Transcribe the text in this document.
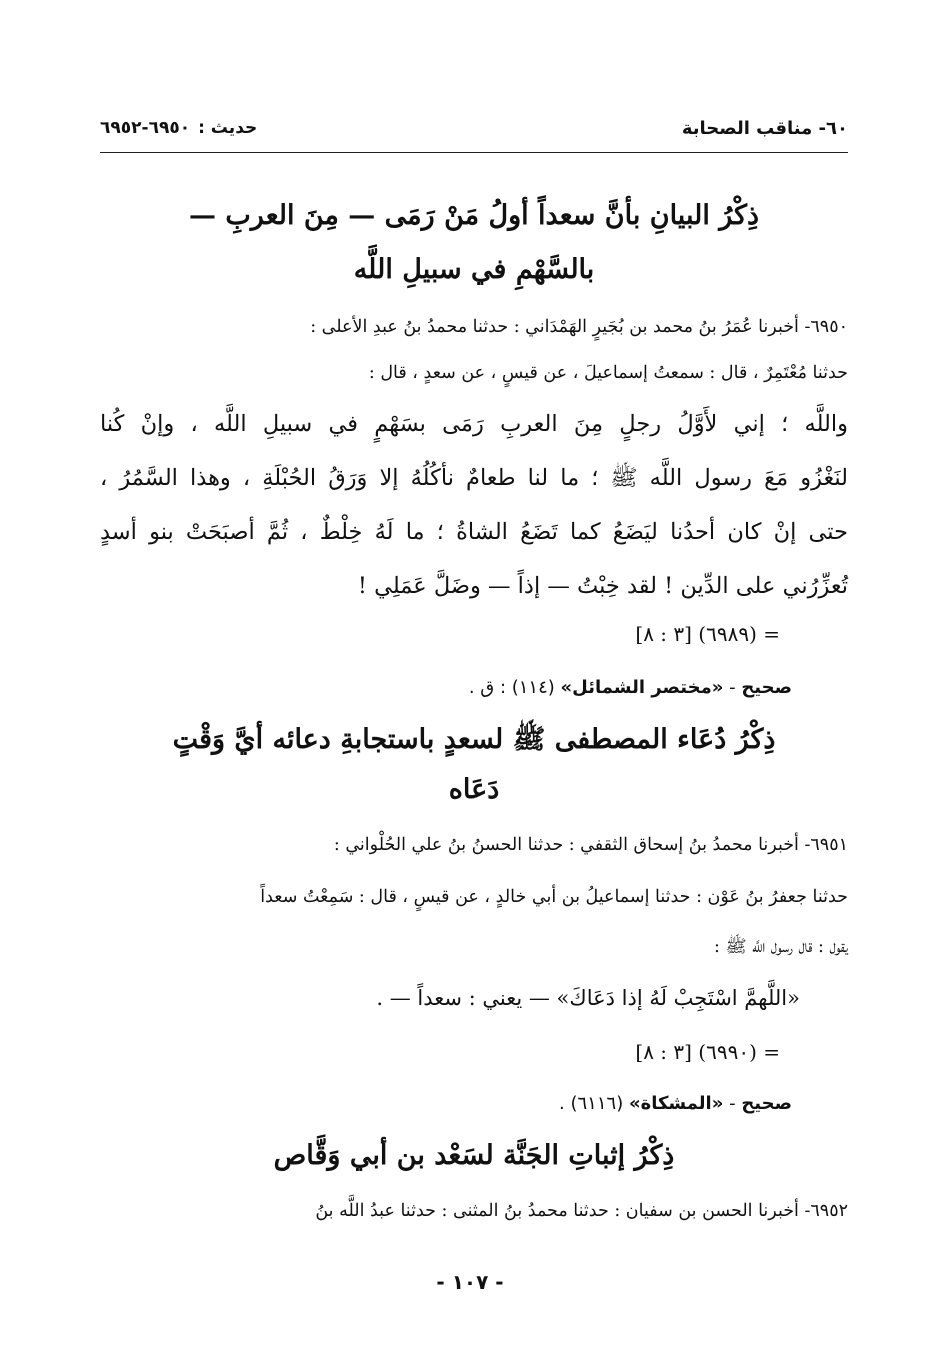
٦٠- مناقب الصحابة
حديث :٦٩٥٠-٦٩٥٢
ذِكْرُ البيانِ بأنَّ سعداً أولُ مَنْ رَمَى — مِنَ العربِ —
بالسَّهْمِ في سبيلِ اللَّه
٦٩٥٠- أخبرنا عُمَرُ بنُ محمد بن بُجَيرٍ الهَمْدَاني : حدثنا محمدُ بنُ عبدِ الأعلى :
حدثنا مُعْتَمِرٌ ، قال : سمعتُ إسماعيلَ ، عن قيسٍ ، عن سعدٍ ، قال :
واللَّه ؛ إني لأَوَّلُ رجلٍ مِنَ العربِ رَمَى بسَهْمٍ في سبيلِ اللَّه ، وإنْ كُنا
لنَغْزُو مَعَ رسول اللَّه ﷺ ؛ ما لنا طعامٌ نأكُلُهُ إلا وَرَقُ الحُبْلَةِ ، وهذا السَّمُرُ ،
حتى إنْ كان أحدُنا ليَضَعُ كما تَضَعُ الشاةُ ؛ ما لَهُ خِلْطٌ ، ثُمَّ أصبَحَتْ بنو أسدٍ
تُعزِّرُني على الدِّين ! لقد خِبْتُ — إذاً — وضَلَّ عَمَلِي !
= (٦٩٨٩) [٣ : ٨]
صحيح - «مختصر الشمائل» (١١٤) : ق .
ذِكْرُ دُعَاء المصطفى ﷺ لسعدٍ باستجابةِ دعائه أيَّ وَقْتٍ
دَعَاه
٦٩٥١- أخبرنا محمدُ بنُ إسحاق الثقفي : حدثنا الحسنُ بنُ علي الحُلْواني :
حدثنا جعفرُ بنُ عَوْن : حدثنا إسماعيلُ بن أبي خالدٍ ، عن قيسٍ ، قال : سَمِعْتُ سعداً
يقول : قال رسول اللَّه ﷺ :
«اللَّهمَّ اسْتَجِبْ لَهُ إذا دَعَاكَ» — يعني : سعداً — .
= (٦٩٩٠) [٣ : ٨]
صحيح - «المشكاة» (٦١١٦) .
ذِكْرُ إثباتِ الجَنَّة لسَعْد بن أبي وَقَّاص
٦٩٥٢- أخبرنا الحسن بن سفيان : حدثنا محمدُ بنُ المثنى : حدثنا عبدُ اللَّه بنُ
- ١٠٧ -
